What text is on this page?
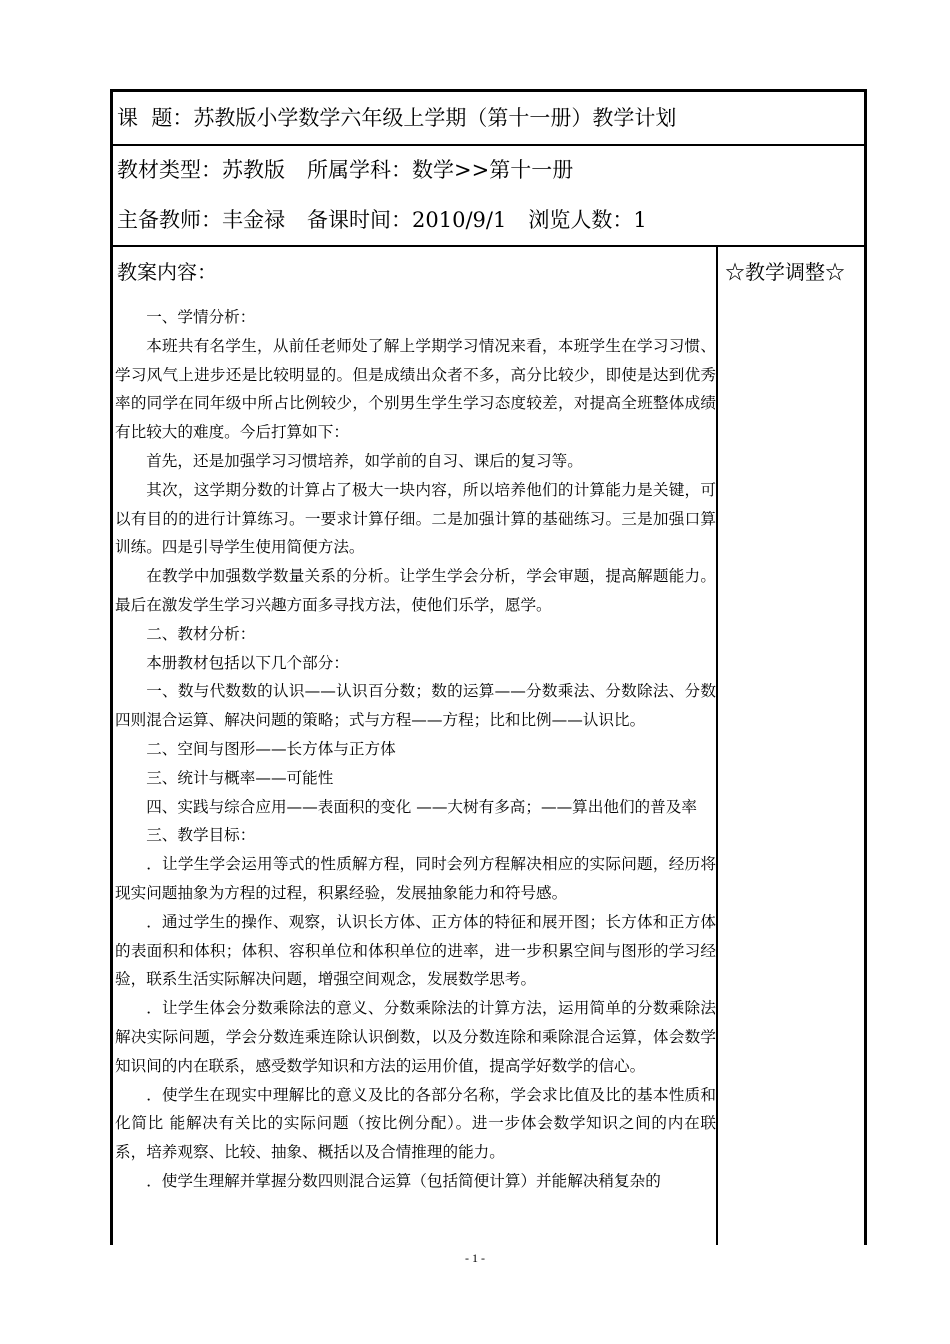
课  题：苏教版小学数学六年级上学期（第十一册）教学计划
教材类型：苏教版 所属学科：数学>>第十一册
主备教师：丰金禄 备课时间：2010/9/1 浏览人数：1
教案内容：	☆教学调整☆

一、学情分析：

本班共有名学生，从前任老师处了解上学期学习情况来看，本班学生在学习习惯、学习风气上进步还是比较明显的。但是成绩出众者不多，高分比较少，即使是达到优秀率的同学在同年级中所占比例较少，个别男生学生学习态度较差，对提高全班整体成绩有比较大的难度。今后打算如下：

首先，还是加强学习习惯培养，如学前的自习、课后的复习等。

其次，这学期分数的计算占了极大一块内容，所以培养他们的计算能力是关键，可以有目的的进行计算练习。一要求计算仔细。二是加强计算的基础练习。三是加强口算训练。四是引导学生使用简便方法。

在教学中加强数学数量关系的分析。让学生学会分析，学会审题，提高解题能力。最后在激发学生学习兴趣方面多寻找方法，使他们乐学，愿学。

二、教材分析：

本册教材包括以下几个部分：

一、数与代数数的认识——认识百分数；数的运算——分数乘法、分数除法、分数四则混合运算、解决问题的策略；式与方程——方程；比和比例——认识比。

二、空间与图形——长方体与正方体

三、统计与概率——可能性

四、实践与综合应用——表面积的变化 ——大树有多高；——算出他们的普及率

三、教学目标：

．让学生学会运用等式的性质解方程，同时会列方程解决相应的实际问题，经历将现实问题抽象为方程的过程，积累经验，发展抽象能力和符号感。

．通过学生的操作、观察，认识长方体、正方体的特征和展开图；长方体和正方体的表面积和体积；体积、容积单位和体积单位的进率，进一步积累空间与图形的学习经验，联系生活实际解决问题，增强空间观念，发展数学思考。

．让学生体会分数乘除法的意义、分数乘除法的计算方法，运用简单的分数乘除法解决实际问题，学会分数连乘连除认识倒数，以及分数连除和乘除混合运算，体会数学知识间的内在联系，感受数学知识和方法的运用价值，提高学好数学的信心。

．使学生在现实中理解比的意义及比的各部分名称，学会求比值及比的基本性质和化简比 能解决有关比的实际问题（按比例分配）。进一步体会数学知识之间的内在联系，培养观察、比较、抽象、概括以及合情推理的能力。

．使学生理解并掌握分数四则混合运算（包括简便计算）并能解决稍复杂的

- 1 -
